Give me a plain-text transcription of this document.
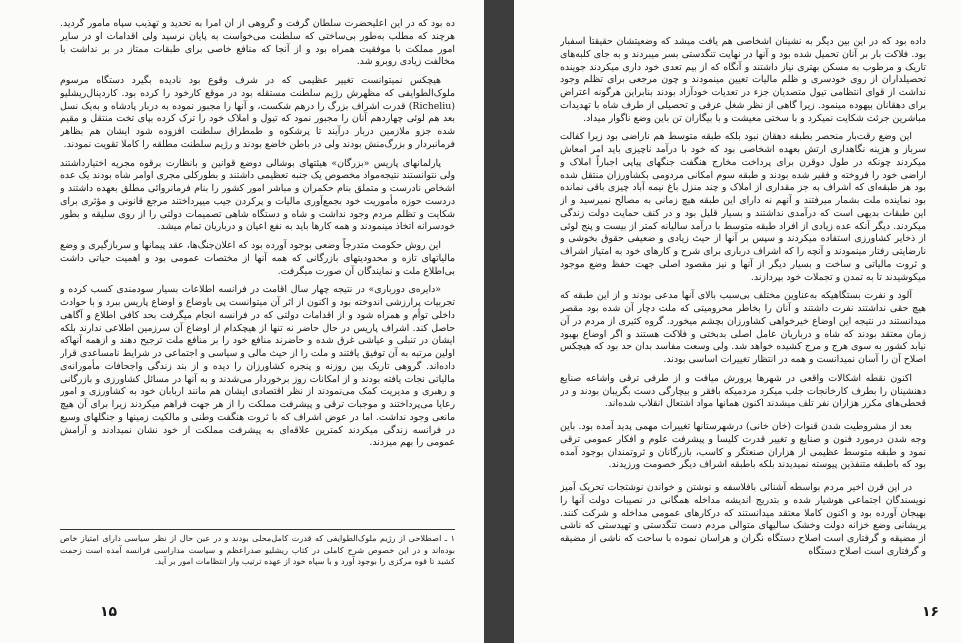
ده بود که در این اعلیحضرت سلطان گرفت و گروهی از آن امرا به تحدید و تهذیب سپاه مأمور گردید. هرچند که مطلب به‌طور بی‌ساختی که سلطنت می‌خواست به پایان نرسید ولی اقدامات او در سایر امور مملکت با موفقیت همراه بود و از آنجا که منافع خاصی برای طبقات ممتاز در بر نداشت با مخالفت زیادی روبرو شد.

هیچکس نمیتوانست تغییر عظیمی که در شرف وقوع بود نادیده بگیرد دستگاه مرسوم ملوک‌الطوایفی که مظهرش رژیم سلطنت مستقله بود در موقع کارخود را کرده بود. کاردینال‌ریشلیو (Richeliu) قدرت اشراف بزرگ را درهم شکست، و آنها را مجبور نموده به دربار پادشاه و به‌یک نسل بعد هم لوئی چهاردهم آنان را مجبور نمود که تیول و املاک خود را ترک کرده بپای تخت منتقل و مقیم شده جزو ملازمین دربار درآیند تا پرشکوه و طمطراق سلطنت افزوده شود ایشان هم بظاهر فرمانبردار و بزرگ‌منش بودند ولی در باطن خاضع بودند و رژیم سلطنت مطلقه را کاملا تقویت نمودند.

پارلمانهای پاریس «بزرگان» هیئتهای بوشالی دوضع قوانین و بانظارت برقوه مجریه اختیارداشتند ولی نتوانستند نتیجه‌مواد مخصوص یک جنبه تعظیمی داشتند و بطورکلی مجری اوامر شاه بودند یک عده اشخاص نادرست و متملق بنام حکمران و مباشر امور کشور را بنام فرمانروائی مطلق بعهده داشتند و دردست حوزه مأموریت خود بجمع‌آوری مالیات و پرکردن جیب میپرداختند مرجع قانونی و مؤثری برای شکایت و تظلم مردم وجود نداشت و شاه و دستگاه شاهی تصمیمات دولتی را از روی سلیقه و بطور خودسرانه اتخاذ مینمودند و همه کارها باید به نفع اعیان و درباریان تمام میشد.

این روش حکومت متدرجاً وضعی بوجود آورده بود که اعلان‌جنگ‌ها، عقد پیمانها و سربازگیری و وضع مالیاتهای تازه و محدودیتهای بازرگانی که همه آنها از مختصات عمومی بود و اهمیت حیاتی داشت بی‌اطلاع ملت و نمایندگان آن صورت میگرفت.

«دایره‌ی دورباری» در نتیجه چهار سال اقامت در فرانسه اطلاعات بسیار سودمندی کسب کرده و تجربیات پرارزشی اندوخته بود و اکنون از اثر آن میتوانست پی باوضاع و اوضاع پاریس ببرد و با حوادث داخلی توأم و همراه شود و از اقدامات دولتی که در فرانسه انجام میگرفت بحد کافی اطلاع و آگاهی حاصل کند. اشراف پاریس در حال حاضر نه تنها از هیچکدام از اوضاع آن سرزمین اطلاعی ندارند بلکه ایشان در تنبلی و عیاشی غرق شده و حاضرند منافع خود را بر منافع ملت ترجیح دهند و ازهمه آنهاکه اولین مرتبه به آن توفیق یافتند و ملت را از حیث مالی و سیاسی و اجتماعی در شرایط نامساعدی قرار داده‌اند. گروهی تاریک بین روزنه و پنجره کشاورزان را دیده و از بند زندگی واجحافات مأمورانه‌ی مالیاتی نجات یافته بودند و از امکانات روز برخوردار می‌شدند و به آنها در مسائل کشاورزی و بازرگانی و رهبری و مدیریت کمک می‌نمودند از نظر اقتصادی ایشان هم مانند اربابان خود به کشاورزی و امور رعایا می‌پرداختند و موجبات ترقی و پیشرفت مملکت را از هر جهت فراهم میکردند زیرا برای آن هیچ مانعی وجود نداشت. اما در عوض اشراف که با ثروت هنگفت وطنی و مالکیت زمینها و جنگلهای وسیع در فرانسه زندگی میکردند کمترین علاقه‌ای به پیشرفت مملکت از خود نشان نمیدادند و آرامش عمومی را بهم میزدند.

۱ ـ اصطلاحی از رژیم ملوک‌الطوایفی که قدرت کامل‌محلی بودند و در عین حال از نظر سیاسی دارای امتیاز خاص بوده‌اند و در این خصوص شرح کاملی در کتاب ریشلیو صدراعظم و سیاست مداراسی فرانسه آمده است زحمت کشید تا قوه مرکزی را بوجود آورد و با سپاه خود از عهده ترتیب وار انتظامات امور بر آید.

۱۵

داده بود که در این بین دیگر به نشینان اشخاصی هم یافت میشد که وضعیتشان حقیقتاً اسفبار بود. فلاکت بار بر آنان تحمیل شده بود و آنها در نهایت تنگدستی بسر میبردند و به جای کلبه‌های تاریک و مرطوب به مسکن بهتری نیاز داشتند و آنگاه که از بیم تعدی خود داری میکردند جوینده تحصیلداران از روی خودسری و ظلم مالیات تعیین مینمودند و چون مرجعی برای تظلم وجود نداشت از قوای انتظامی تیول متصدیان جزء در تعدیات خودآزاد بودند بنابراین هرگونه اعتراض برای دهقانان بیهوده مینمود. زیرا گاهی از نظر شغل عرفی و تحصیلی از طرف شاه با تهدیدات مباشرین جرئت شکایت نمیکرد و با سختی معیشت و با بیگاران تن باین وضع ناگوار میداد.

این وضع رقت‌بار منحصر بطبقه دهقان نبود بلکه طبقه متوسط هم ناراضی بود زیرا کفالت سرباز و هزینه نگاهداری ارتش بعهده اشخاصی بود که خود با درآمد ناچیزی باید امر امعاش میکردند چونکه در طول دوقرن برای پرداخت مخارج هنگفت جنگهای پیاپی اجباراً املاک و اراضی خود را فروخته و فقیر شده بودند و طبقه سوم امکانی مردومی بکشاورزان منتقل شده بود هر طبقه‌ای که اشراف به جز مقداری از املاک و چند منزل باغ نیمه آباد چیزی باقی نمانده بود نماینده ملت بشمار میرفتند و آنهم نه دارای این طبقه هیچ زمانی به مصالح نمیرسید و از این طبقات بدیهی است که درآمدی نداشتند و بسیار قلیل بود و در کنف حمایت دولت زندگی میکردند. دیگر آنکه عده زیادی از افراد طبقه متوسط با درآمد ساليانه کمتر از بیست و پنج لوئی از ذخایر کشاورزی استفاده میکردند و سپس بر آنها از حیث زیادی و ضعیفی حقوق بخوشی و نارضایتی رفتار مینمودند و آنچه را که اشراف درباری برای شرح و کارهای خود به امتیاز اشراف و ثروت مالیاتی و ساخت و بسیار دیگر از آنها و نیز مقصود اصلی جهت حفظ وضع موجود میکوشیدند تا به تمدن و تجملات خود بپردازند.

آلود و نفرت بستگاهیکه به‌عناوین مختلف بی‌سبب بالای آنها مدعی بودند و از این طبقه که هیچ حقی نداشتند نفرت داشتند و آنان را بخاطر محرومیتی که ملت دچار آن شده بود مقصر میدانستند در نتیجه این اوضاع خیرخواهی کشاورزان بچشم میخورد. گروه کثیری از مردم در آن زمان معتقد بودند که شاه و درباریان عامل اصلی بدبختی و فلاکت هستند و اگر اوضاع بهبود نیابد کشور به سوی هرج و مرج کشیده خواهد شد. ولی وسعت مفاسد بدان حد بود که هیچکس اصلاح آن را آسان نمیدانست و همه در انتظار تغییرات اساسی بودند.

اکنون نقطه اشکالات واقعی در شهرها پرورش میافت و از طرفی ترقی واشاعه صنایع دهنشینان را بطرف کارخانجات جلب میکرد مردمیکه بافقر و بیچارگی دست بگریبان بودند و در قحطی‌های مکرر هزاران نفر تلف میشدند اکنون همانها مواد اشتعال انقلاب شده‌اند.

بعد از مشروطیت شدن قنوات (خان خانی) درشهرستانها تغییرات مهمی پدید آمده بود. باین وجه شدن درمورد فنون و صنایع و تغییر قدرت کلیسا و پیشرفت علوم و افکار عمومی ترقی نمود و طبقه متوسط عظیمی از هزاران صنعتگر و کاسب، بازرگانان و ثروتمندان بوجود آمده بود که باطبقه متنفذین پیوسته نمیدیدند بلکه باطبقه اشراف دیگر خصومت ورزیدند.

در این قرن اخیر مردم بواسطه آشنائی بافلاسفه و نوشتن و خواندن نوشتجات تحریک آمیز نویسندگان اجتماعی هوشیار شده و بتدریج اندیشه مداخله همگانی در نصیبات دولت آنها را بهیجان آورده بود و اکنون کاملا معتقد میدانستند که درکارهای عمومی مداخله و شرکت کنند. پریشانی وضع خزانه دولت وخشک سالیهای متوالی مردم دست تنگدستی و تهیدستی که ناشی از مضیقه و گرفتاری است اصلاح دستگاه نگران و هراسان نموده با ساحت که ناشی از مضیقه و گرفتاری است اصلاح دستگاه

۱۶
